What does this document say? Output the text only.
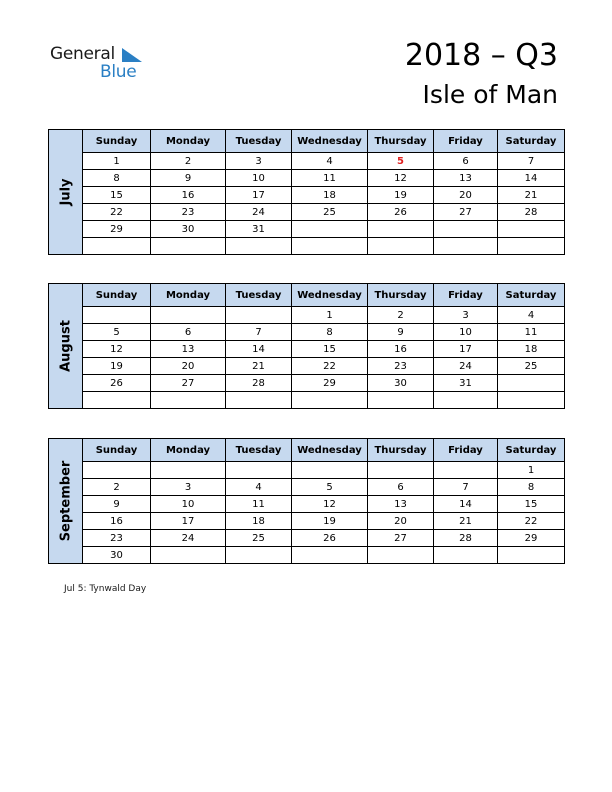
General
Blue	2018 – Q3
Isle of Man
July	Sunday	Monday	Tuesday	Wednesday	Thursday	Friday	Saturday
	1	2	3	4	5	6	7
	8	9	10	11	12	13	14
	15	16	17	18	19	20	21
	22	23	24	25	26	27	28
	29	30	31				

August	Sunday	Monday	Tuesday	Wednesday	Thursday	Friday	Saturday
				1	2	3	4
	5	6	7	8	9	10	11
	12	13	14	15	16	17	18
	19	20	21	22	23	24	25
	26	27	28	29	30	31	

September	Sunday	Monday	Tuesday	Wednesday	Thursday	Friday	Saturday
							1
	2	3	4	5	6	7	8
	9	10	11	12	13	14	15
	16	17	18	19	20	21	22
	23	24	25	26	27	28	29
	30						
Jul 5: Tynwald Day
